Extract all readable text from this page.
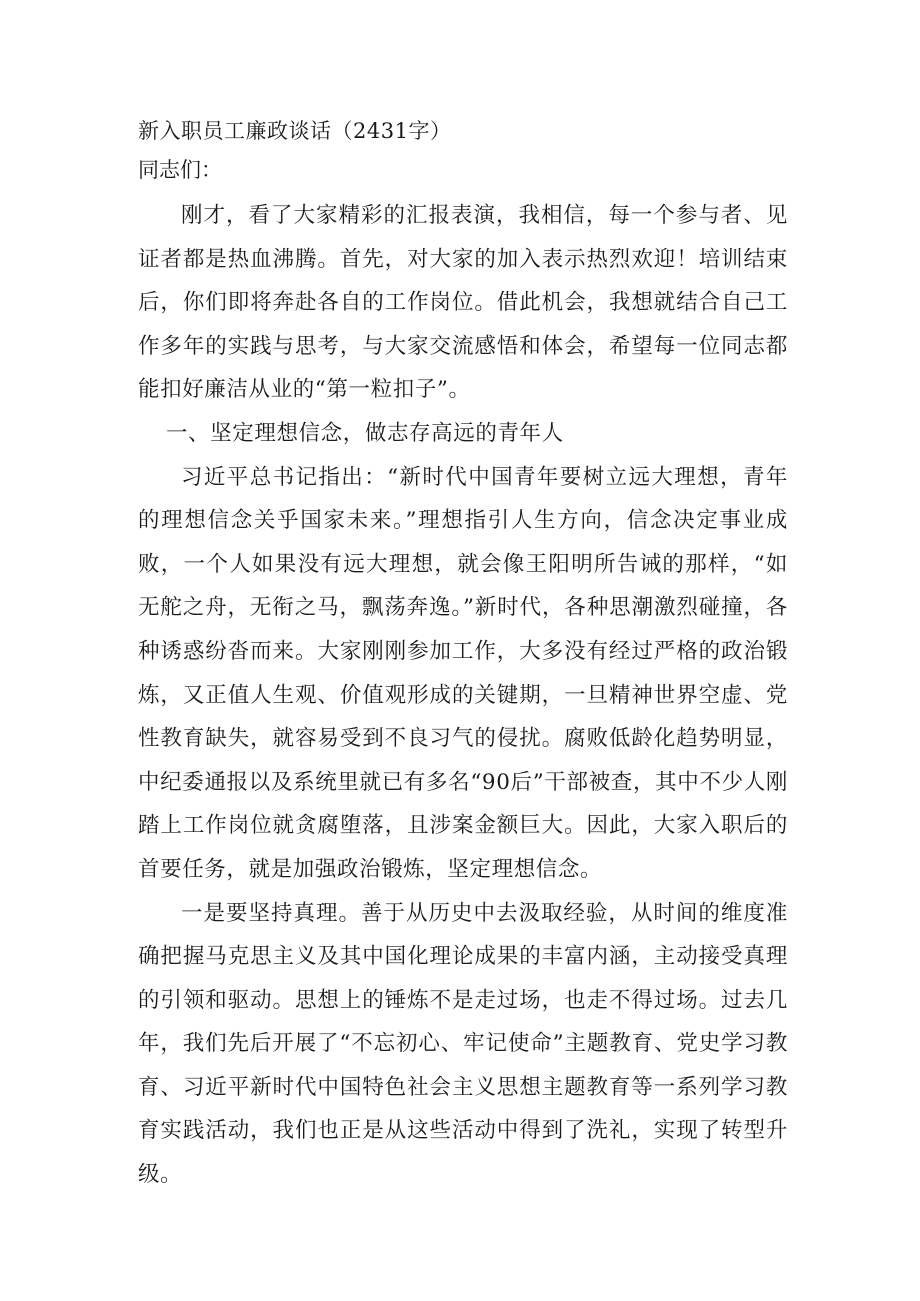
新入职员工廉政谈话（2431字）

同志们：

刚才，看了大家精彩的汇报表演，我相信，每一个参与者、见证者都是热血沸腾。首先，对大家的加入表示热烈欢迎！培训结束后，你们即将奔赴各自的工作岗位。借此机会，我想就结合自己工作多年的实践与思考，与大家交流感悟和体会，希望每一位同志都能扣好廉洁从业的“第一粒扣子”。

一、坚定理想信念，做志存高远的青年人

习近平总书记指出：“新时代中国青年要树立远大理想，青年的理想信念关乎国家未来。”理想指引人生方向，信念决定事业成败，一个人如果没有远大理想，就会像王阳明所告诫的那样，“如无舵之舟，无衔之马，飘荡奔逸。”新时代，各种思潮激烈碰撞，各种诱惑纷沓而来。大家刚刚参加工作，大多没有经过严格的政治锻炼，又正值人生观、价值观形成的关键期，一旦精神世界空虚、党性教育缺失，就容易受到不良习气的侵扰。腐败低龄化趋势明显，中纪委通报以及系统里就已有多名“90后”干部被查，其中不少人刚踏上工作岗位就贪腐堕落，且涉案金额巨大。因此，大家入职后的首要任务，就是加强政治锻炼，坚定理想信念。

一是要坚持真理。善于从历史中去汲取经验，从时间的维度准确把握马克思主义及其中国化理论成果的丰富内涵，主动接受真理的引领和驱动。思想上的锤炼不是走过场，也走不得过场。过去几年，我们先后开展了“不忘初心、牢记使命”主题教育、党史学习教育、习近平新时代中国特色社会主义思想主题教育等一系列学习教育实践活动，我们也正是从这些活动中得到了洗礼，实现了转型升级。
